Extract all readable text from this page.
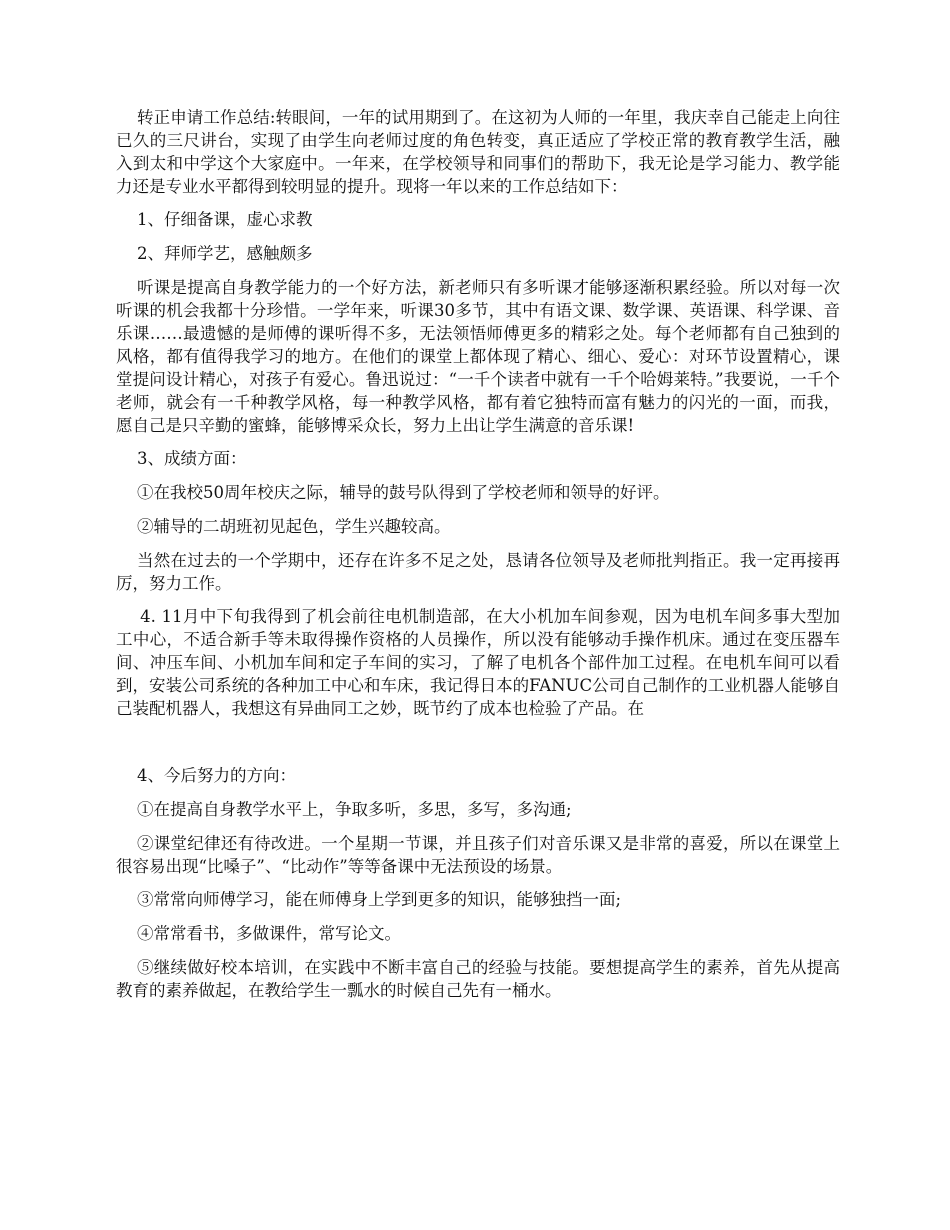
转正申请工作总结:转眼间，一年的试用期到了。在这初为人师的一年里，我庆幸自己能走上向往已久的三尺讲台，实现了由学生向老师过度的角色转变，真正适应了学校正常的教育教学生活，融入到太和中学这个大家庭中。一年来，在学校领导和同事们的帮助下，我无论是学习能力、教学能力还是专业水平都得到较明显的提升。现将一年以来的工作总结如下：

1、仔细备课，虚心求教

2、拜师学艺，感触颇多

听课是提高自身教学能力的一个好方法，新老师只有多听课才能够逐渐积累经验。所以对每一次听课的机会我都十分珍惜。一学年来，听课30多节，其中有语文课、数学课、英语课、科学课、音乐课……最遗憾的是师傅的课听得不多，无法领悟师傅更多的精彩之处。每个老师都有自己独到的风格，都有值得我学习的地方。在他们的课堂上都体现了精心、细心、爱心：对环节设置精心，课堂提问设计精心，对孩子有爱心。鲁迅说过：“一千个读者中就有一千个哈姆莱特。”我要说，一千个老师，就会有一千种教学风格，每一种教学风格，都有着它独特而富有魅力的闪光的一面，而我，愿自己是只辛勤的蜜蜂，能够博采众长，努力上出让学生满意的音乐课!

3、成绩方面：

①在我校50周年校庆之际，辅导的鼓号队得到了学校老师和领导的好评。

②辅导的二胡班初见起色，学生兴趣较高。

当然在过去的一个学期中，还存在许多不足之处，恳请各位领导及老师批判指正。我一定再接再厉，努力工作。

4. 11月中下旬我得到了机会前往电机制造部，在大小机加车间参观，因为电机车间多事大型加工中心，不适合新手等未取得操作资格的人员操作，所以没有能够动手操作机床。通过在变压器车间、冲压车间、小机加车间和定子车间的实习，了解了电机各个部件加工过程。在电机车间可以看到，安装公司系统的各种加工中心和车床，我记得日本的FANUC公司自己制作的工业机器人能够自己装配机器人，我想这有异曲同工之妙，既节约了成本也检验了产品。在

4、今后努力的方向：

①在提高自身教学水平上，争取多听，多思，多写，多沟通;

②课堂纪律还有待改进。一个星期一节课，并且孩子们对音乐课又是非常的喜爱，所以在课堂上很容易出现“比嗓子”、“比动作”等等备课中无法预设的场景。

③常常向师傅学习，能在师傅身上学到更多的知识，能够独挡一面;

④常常看书，多做课件，常写论文。

⑤继续做好校本培训，在实践中不断丰富自己的经验与技能。要想提高学生的素养，首先从提高教育的素养做起，在教给学生一瓢水的时候自己先有一桶水。
